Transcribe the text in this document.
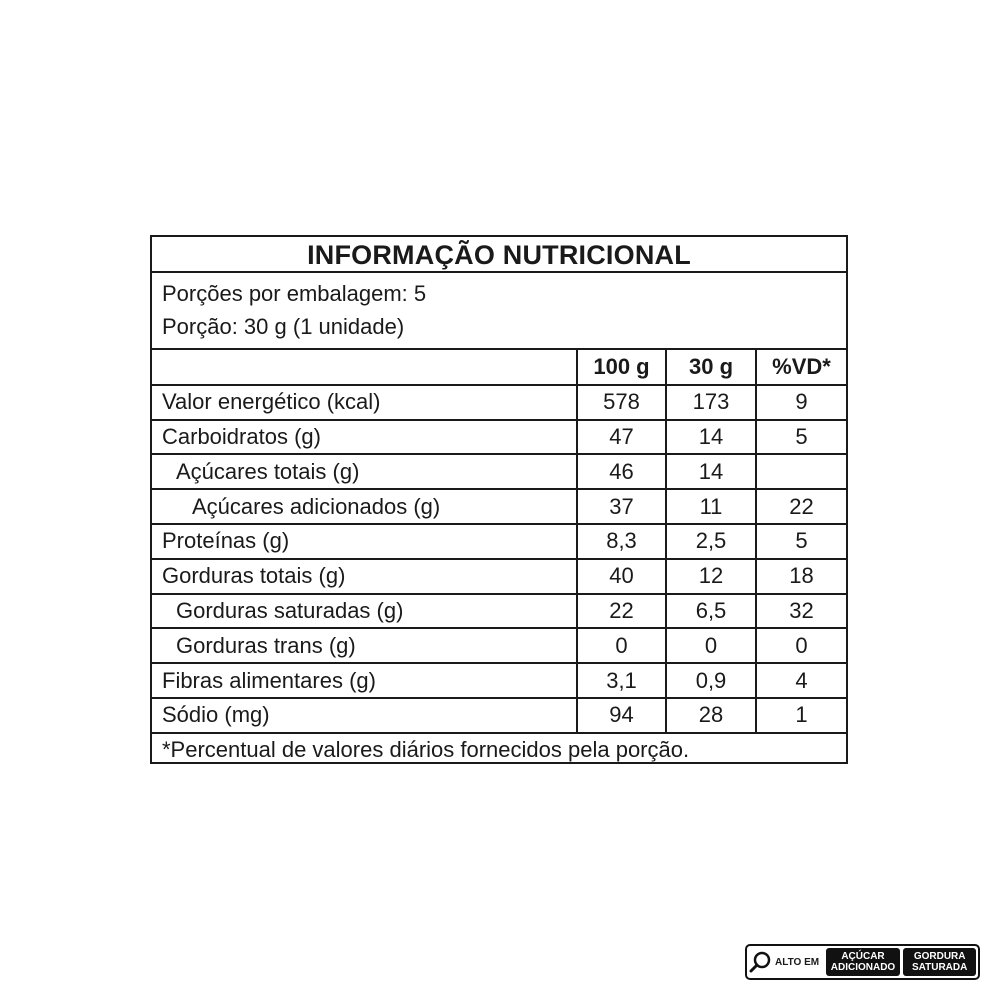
INFORMAÇÃO NUTRICIONAL
Porções por embalagem: 5
Porção: 30 g (1 unidade)
	100 g	30 g	%VD*
Valor energético (kcal)	578	173	9
Carboidratos (g)	47	14	5
Açúcares totais (g)	46	14	
Açúcares adicionados (g)	37	11	22
Proteínas (g)	8,3	2,5	5
Gorduras totais (g)	40	12	18
Gorduras saturadas (g)	22	6,5	32
Gorduras trans (g)	0	0	0
Fibras alimentares (g)	3,1	0,9	4
Sódio (mg)	94	28	1
*Percentual de valores diários fornecidos pela porção.
ALTO EM AÇÚCAR
ADICIONADO
GORDURA
SATURADA
